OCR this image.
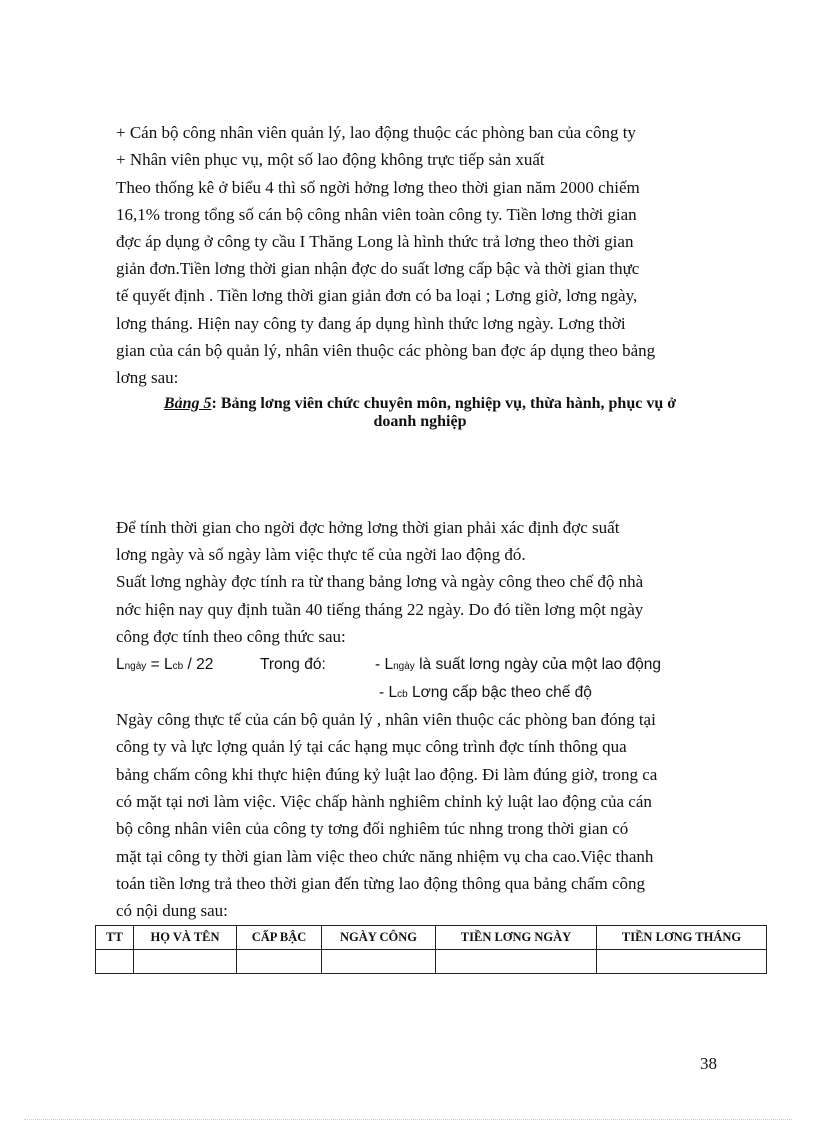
+ Cán bộ công nhân viên quản lý, lao động thuộc các phòng ban của công ty
+ Nhân viên phục vụ, một số lao động không trực tiếp sản xuất
Theo thống kê ở biểu 4 thì số ngời hởng lơng theo thời gian năm 2000 chiếm
16,1% trong tổng số cán bộ công nhân viên toàn công ty. Tiền lơng thời gian
đợc áp dụng ở công ty cầu I Thăng Long là hình thức trả lơng theo thời gian
giản đơn.Tiền lơng thời gian nhận đợc do suất lơng cấp bậc và thời gian thực
tế quyết định . Tiền lơng thời gian giản đơn có ba loại ; Lơng giờ, lơng ngày,
lơng tháng. Hiện nay công ty đang áp dụng hình thức lơng ngày. Lơng thời
gian của cán bộ quản lý, nhân viên thuộc các phòng ban đợc áp dụng theo bảng
lơng sau:
Bảng 5: Bảng lơng viên chức chuyên môn, nghiệp vụ, thừa hành, phục vụ ở
doanh nghiệp
Để tính thời gian cho ngời đợc hởng lơng thời gian phải xác định đợc suất
lơng ngày và số ngày làm việc thực tế của ngời lao động đó.
Suất lơng nghày đợc tính ra từ thang bảng lơng và ngày công theo chế độ nhà
nớc hiện nay quy định tuần 40 tiếng tháng 22 ngày. Do đó tiền lơng một ngày
công đợc tính theo công thức sau:
Lngày = Lcb / 22	Trong đó:	- Lngày là suất lơng ngày của một lao động
- Lcb Lơng cấp bậc theo chế độ
Ngày công thực tế của cán bộ quản lý , nhân viên thuộc các phòng ban đóng tại
công ty và lực lợng quản lý tại các hạng mục công trình đợc tính thông qua
bảng chấm công khi thực hiện đúng kỷ luật lao động. Đi làm đúng giờ, trong ca
có mặt tại nơi làm việc. Việc chấp hành nghiêm chỉnh kỷ luật lao động của cán
bộ công nhân viên của công ty tơng đối nghiêm túc nhng trong thời gian có
mặt tại công ty thời gian làm việc theo chức năng nhiệm vụ cha cao.Việc thanh
toán tiền lơng trả theo thời gian đến từng lao động thông qua bảng chấm công
có nội dung sau:
TT	HỌ VÀ TÊN	CẤP BẬC	NGÀY CÔNG	TIỀN LƠNG NGÀY	TIỀN LƠNG THÁNG

38
